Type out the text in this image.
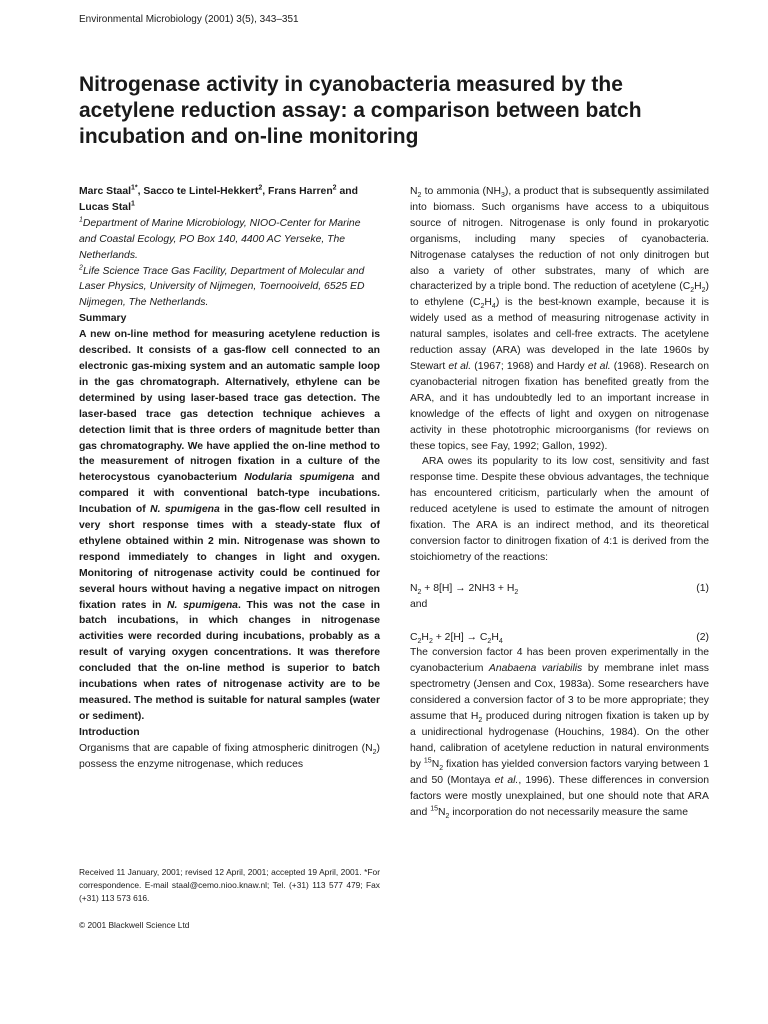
Environmental Microbiology (2001) 3(5), 343–351
Nitrogenase activity in cyanobacteria measured by the acetylene reduction assay: a comparison between batch incubation and on-line monitoring

Marc Staal$^{1*}$, Sacco te Lintel-Hekkert$^2$, Frans Harren$^2$ and Lucas Stal$^1$

$^1$Department of Marine Microbiology, NIOO-Center for Marine and Coastal Ecology, PO Box 140, 4400 AC Yerseke, The Netherlands.

$^2$Life Science Trace Gas Facility, Department of Molecular and Laser Physics, University of Nijmegen, Toernooiveld, 6525 ED Nijmegen, The Netherlands.

Summary

A new on-line method for measuring acetylene reduction is described. It consists of a gas-flow cell connected to an electronic gas-mixing system and an automatic sample loop in the gas chromatograph. Alternatively, ethylene can be determined by using laser-based trace gas detection. The laser-based trace gas detection technique achieves a detection limit that is three orders of magnitude better than gas chromatography. We have applied the on-line method to the measurement of nitrogen fixation in a culture of the heterocystous cyanobacterium Nodularia spumigena and compared it with conventional batch-type incubations. Incubation of N. spumigena in the gas-flow cell resulted in very short response times with a steady-state flux of ethylene obtained within 2 min. Nitrogenase was shown to respond immediately to changes in light and oxygen. Monitoring of nitrogenase activity could be continued for several hours without having a negative impact on nitrogen fixation rates in N. spumigena. This was not the case in batch incubations, in which changes in nitrogenase activities were recorded during incubations, probably as a result of varying oxygen concentrations. It was therefore concluded that the on-line method is superior to batch incubations when rates of nitrogenase activity are to be measured. The method is suitable for natural samples (water or sediment).

Introduction

Organisms that are capable of fixing atmospheric dinitrogen $(N_2)$ possess the enzyme nitrogenase, which reduces

Received 11 January, 2001; revised 12 April, 2001; accepted 19 April, 2001. *For correspondence. E-mail staal@cemo.nioo.knaw.nl; Tel. (+31) 113 577 479; Fax (+31) 113 573 616.
© 2001 Blackwell Science Ltd

$N_2$ to ammonia $(NH_3)$, a product that is subsequently assimilated into biomass. Such organisms have access to a ubiquitous source of nitrogen. Nitrogenase is only found in prokaryotic organisms, including many species of cyanobacteria. Nitrogenase catalyses the reduction of not only dinitrogen but also a variety of other substrates, many of which are characterized by a triple bond. The reduction of acetylene $(C_2H_2)$ to ethylene $(C_2H_4)$ is the best-known example, because it is widely used as a method of measuring nitrogenase activity in natural samples, isolates and cell-free extracts. The acetylene reduction assay (ARA) was developed in the late 1960s by Stewart et al. (1967; 1968) and Hardy et al. (1968). Research on cyanobacterial nitrogen fixation has benefited greatly from the ARA, and it has undoubtedly led to an important increase in knowledge of the effects of light and oxygen on nitrogenase activity in these phototrophic microorganisms (for reviews on these topics, see Fay, 1992; Gallon, 1992).

ARA owes its popularity to its low cost, sensitivity and fast response time. Despite these obvious advantages, the technique has encountered criticism, particularly when the amount of reduced acetylene is used to estimate the amount of nitrogen fixation. The ARA is an indirect method, and its theoretical conversion factor to dinitrogen fixation of 4:1 is derived from the stoichiometry of the reactions:

$N_2 + 8[H] \to 2NH3 + H_2$	(1)

and

$C_2H_2 + 2[H] \to C_2H_4$	(2)

The conversion factor 4 has been proven experimentally in the cyanobacterium Anabaena variabilis by membrane inlet mass spectrometry (Jensen and Cox, 1983a). Some researchers have considered a conversion factor of 3 to be more appropriate; they assume that $H_2$ produced during nitrogen fixation is taken up by a unidirectional hydrogenase (Houchins, 1984). On the other hand, calibration of acetylene reduction in natural environments by $^{15}N_2$ fixation has yielded conversion factors varying between 1 and 50 (Montaya et al., 1996). These differences in conversion factors were mostly unexplained, but one should note that ARA and $^{15}N_2$ incorporation do not necessarily measure the same
